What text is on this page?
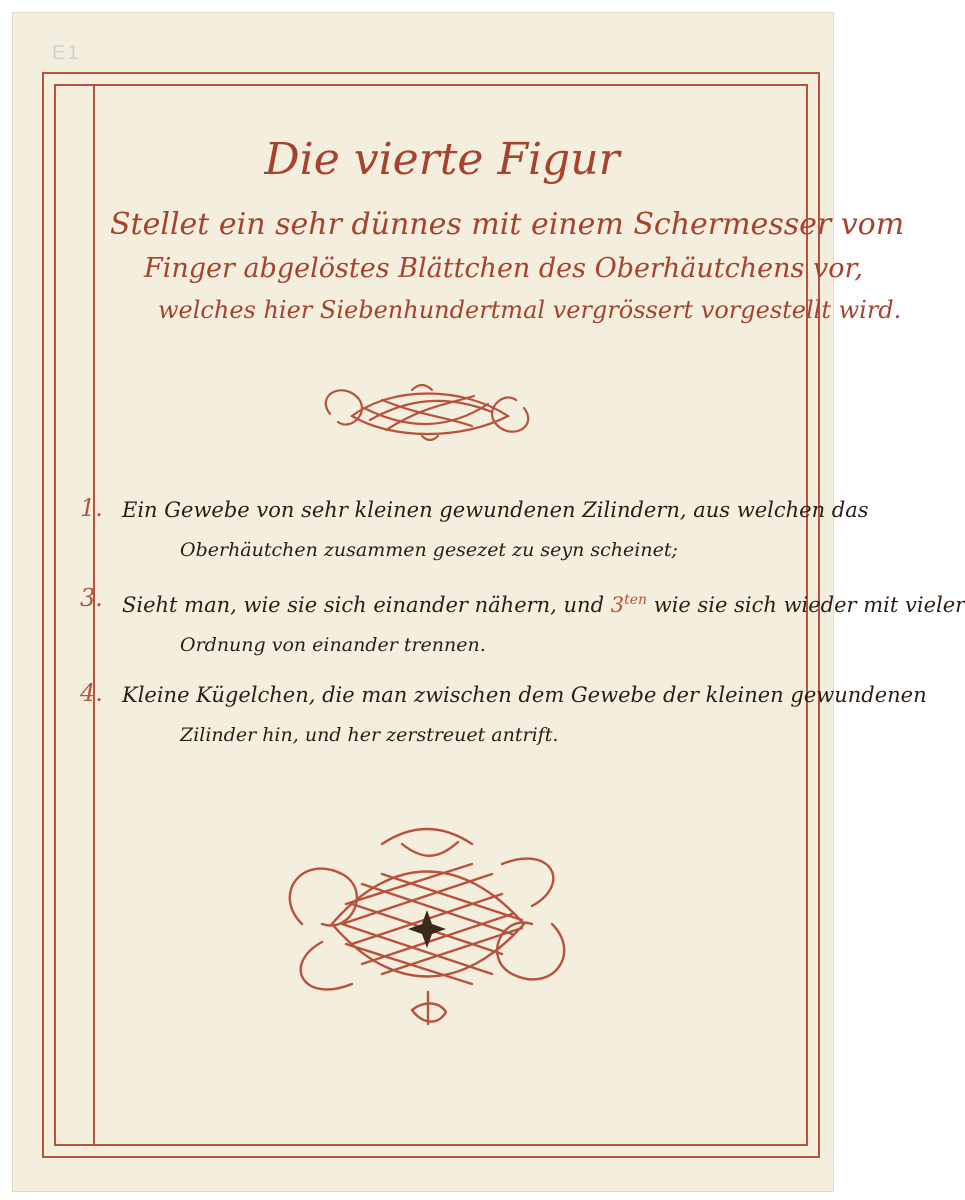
E1
Die vierte Figur
Stellet ein sehr dünnes mit einem Schermesser vom
Finger abgelöstes Blättchen des Oberhäutchens vor,
welches hier Siebenhundertmal vergrössert vorgestellt wird.
1. Ein Gewebe von sehr kleinen gewundenen Zilindern, aus welchen das
Oberhäutchen zusammen gesezet zu seyn scheinet;
3. Sieht man, wie sie sich einander nähern, und $3^{ten}$ wie sie sich wieder mit vieler
Ordnung von einander trennen.
4. Kleine Kügelchen, die man zwischen dem Gewebe der kleinen gewundenen
Zilinder hin, und her zerstreuet antrift.
